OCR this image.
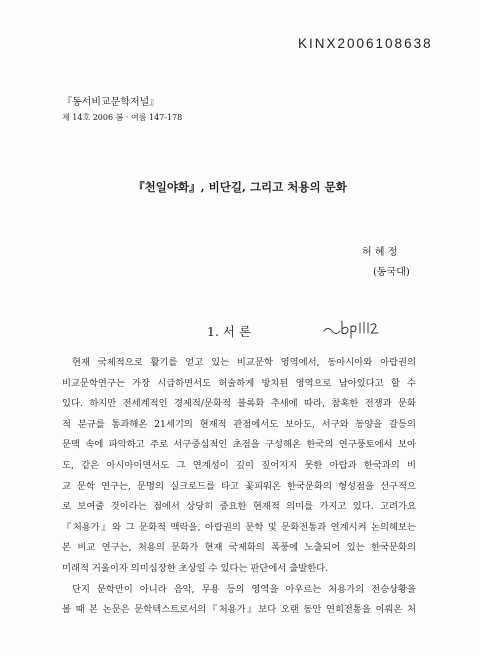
KINX2006108638
『동서비교문학저널』
제 14호 2006 봄 · 여름 147-178
『천일야화』, 비단길, 그리고 처용의 문화
허 혜 정
(동국대)
1. 서 론
현재 국제적으로 활기를 얻고 있는 비교문학 영역에서, 동아시아와 아랍권의
비교문학연구는 가장 시급하면서도 허술하게 방치된 영역으로 남아있다고 할 수
있다. 하지만 전세계적인 경제적/문화적 블록화 추세에 따라, 참혹한 전쟁과 문화
적 분규를 통과해온 21세기의 현재적 관점에서도 보아도, 서구와 동양을 갈등의
문맥 속에 파악하고 주로 서구중심적인 초점을 구성해온 한국의 연구풍토에서 보아
도, 같은 아시아이면서도 그 연계성이 깊이 짚어지지 못한 아랍과 한국과의 비
교 문학 연구는, 문명의 실크로드를 타고 꽃피워온 한국문화의 형성점을 선구적으
로 보여줄 것이라는 점에서 상당히 중요한 현재적 의미를 가지고 있다. 고려가요
『처용가』와 그 문화적 맥락을, 아랍권의 문학 및 문화전통과 연계시켜 논의해보는
본 비교 연구는, 처용의 문화가 현재 국제화의 폭풍에 노출되어 있는 한국문화의
미래적 거울이자 의미심장한 초상일 수 있다는 판단에서 출발한다.
단지 문학만이 아니라 음악, 무용 등의 영역을 아우르는 처용가의 전승상황을
볼 때 본 논문은 문학텍스트로서의『처용가』보다 오랜 동안 연희전통을 이뤄온 처
